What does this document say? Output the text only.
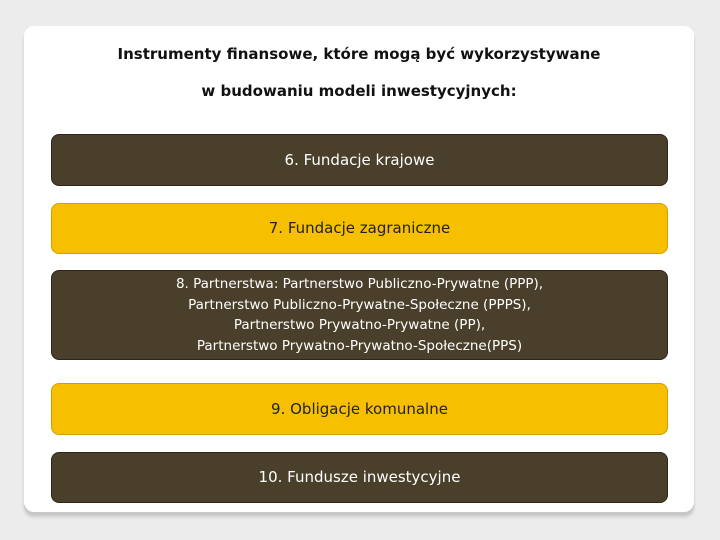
Instrumenty finansowe, które mogą być wykorzystywane
w budowaniu modeli inwestycyjnych:
6. Fundacje krajowe
7. Fundacje zagraniczne
8. Partnerstwa: Partnerstwo Publiczno-Prywatne (PPP),
Partnerstwo Publiczno-Prywatne-Społeczne (PPPS),
Partnerstwo Prywatno-Prywatne (PP),
Partnerstwo Prywatno-Prywatno-Społeczne(PPS)
9. Obligacje komunalne
10. Fundusze inwestycyjne
